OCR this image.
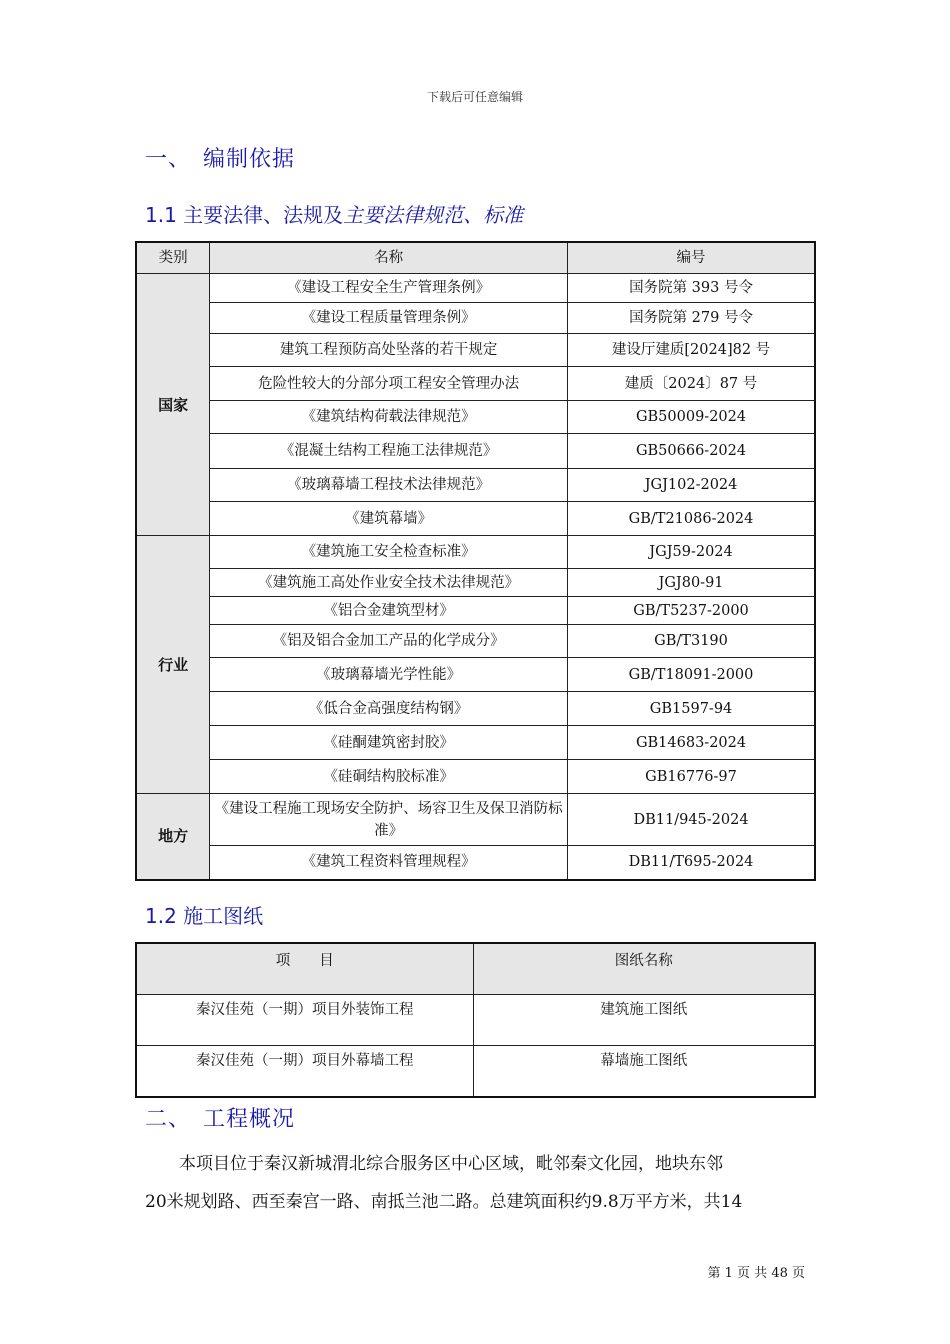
下载后可任意编辑
一、 编制依据
1.1 主要法律、法规及主要法律规范、标准
类别	名称	编号
国家	《建设工程安全生产管理条例》	国务院第 393 号令
	《建设工程质量管理条例》	国务院第 279 号令
	建筑工程预防高处坠落的若干规定	建设厅建质[2024]82 号
	危险性较大的分部分项工程安全管理办法	建质〔2024〕87 号
	《建筑结构荷载法律规范》	GB50009-2024
	《混凝土结构工程施工法律规范》	GB50666-2024
	《玻璃幕墙工程技术法律规范》	JGJ102-2024
	《建筑幕墙》	GB/T21086-2024
行业	《建筑施工安全检查标准》	JGJ59-2024
	《建筑施工高处作业安全技术法律规范》	JGJ80-91
	《铝合金建筑型材》	GB/T5237-2000
	《铝及铝合金加工产品的化学成分》	GB/T3190
	《玻璃幕墙光学性能》	GB/T18091-2000
	《低合金高强度结构钢》	GB1597-94
	《硅酮建筑密封胶》	GB14683-2024
	《硅硐结构胶标准》	GB16776-97
地方	《建设工程施工现场安全防护、场容卫生及保卫消防标准》	DB11/945-2024
	《建筑工程资料管理规程》	DB11/T695-2024
1.2 施工图纸
项　　目	图纸名称
秦汉佳苑（一期）项目外装饰工程	建筑施工图纸
秦汉佳苑（一期）项目外幕墙工程	幕墙施工图纸
二、 工程概况

　　本项目位于秦汉新城渭北综合服务区中心区域，毗邻秦文化园，地块东邻

20米规划路、西至秦宫一路、南抵兰池二路。总建筑面积约9.8万平方米，共14

第 1 页 共 48 页
